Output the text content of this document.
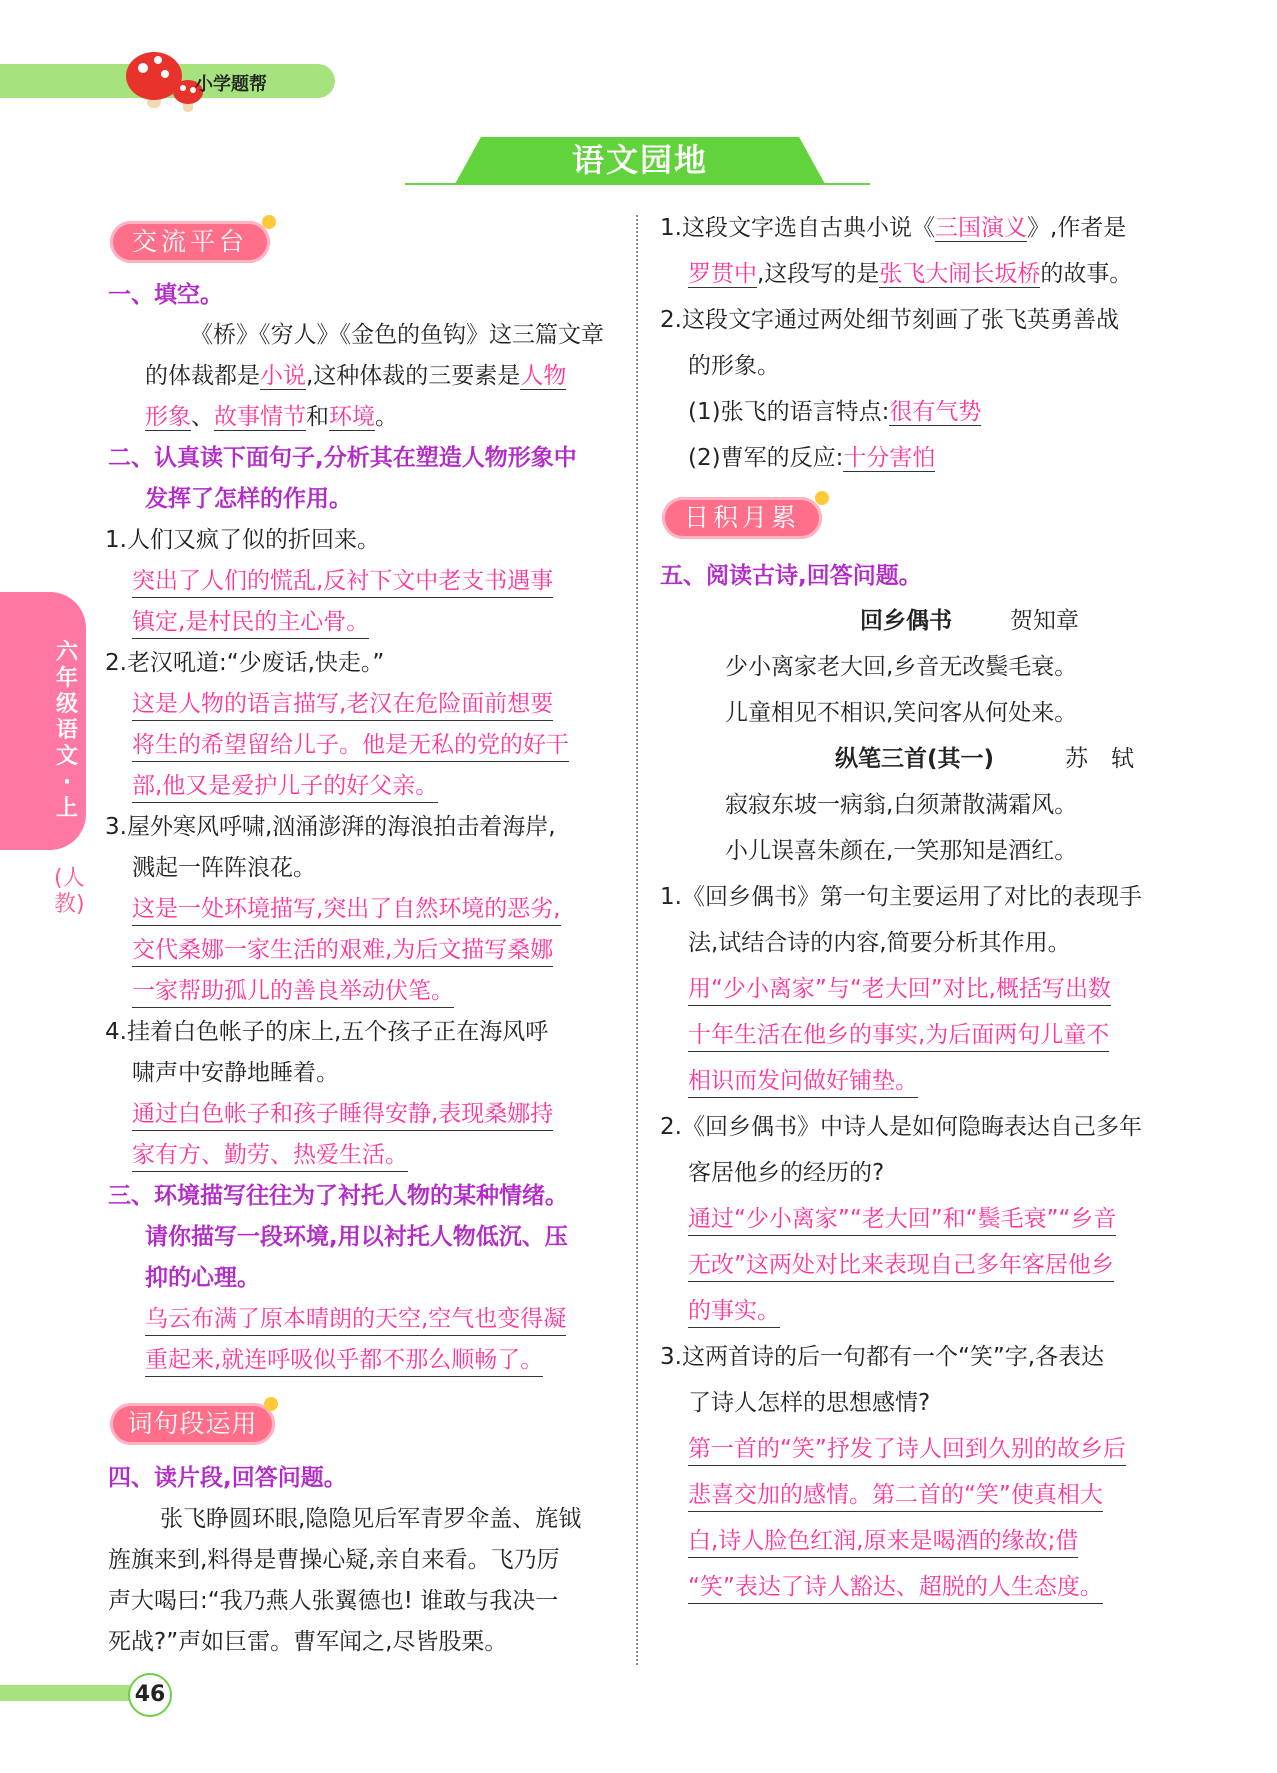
小学题帮
语文园地
六年级语文·上
(人教)
交流平台
一、填空。
《桥》《穷人》《金色的鱼钩》这三篇文章
的体裁都是小说,这种体裁的三要素是人物
形象、故事情节和环境。
二、认真读下面句子,分析其在塑造人物形象中
发挥了怎样的作用。
1.人们又疯了似的折回来。
突出了人们的慌乱,反衬下文中老支书遇事
镇定,是村民的主心骨。
2.老汉吼道:“少废话,快走。”
这是人物的语言描写,老汉在危险面前想要
将生的希望留给儿子。他是无私的党的好干
部,他又是爱护儿子的好父亲。
3.屋外寒风呼啸,汹涌澎湃的海浪拍击着海岸,
溅起一阵阵浪花。
这是一处环境描写,突出了自然环境的恶劣,
交代桑娜一家生活的艰难,为后文描写桑娜
一家帮助孤儿的善良举动伏笔。
4.挂着白色帐子的床上,五个孩子正在海风呼
啸声中安静地睡着。
通过白色帐子和孩子睡得安静,表现桑娜持
家有方、勤劳、热爱生活。
三、环境描写往往为了衬托人物的某种情绪。
请你描写一段环境,用以衬托人物低沉、压
抑的心理。
乌云布满了原本晴朗的天空,空气也变得凝
重起来,就连呼吸似乎都不那么顺畅了。
词句段运用
四、读片段,回答问题。
张飞睁圆环眼,隐隐见后军青罗伞盖、旄钺
旌旗来到,料得是曹操心疑,亲自来看。飞乃厉
声大喝曰:“我乃燕人张翼德也! 谁敢与我决一
死战?”声如巨雷。曹军闻之,尽皆股栗。
1.这段文字选自古典小说《三国演义》,作者是
罗贯中,这段写的是张飞大闹长坂桥的故事。
2.这段文字通过两处细节刻画了张飞英勇善战
的形象。
(1)张飞的语言特点:很有气势
(2)曹军的反应:十分害怕
日积月累
五、阅读古诗,回答问题。
回乡偶书	贺知章
少小离家老大回,乡音无改鬓毛衰。
儿童相见不相识,笑问客从何处来。
纵笔三首(其一)	苏　轼
寂寂东坡一病翁,白须萧散满霜风。
小儿误喜朱颜在,一笑那知是酒红。
1.《回乡偶书》第一句主要运用了对比的表现手
法,试结合诗的内容,简要分析其作用。
用“少小离家”与“老大回”对比,概括写出数
十年生活在他乡的事实,为后面两句儿童不
相识而发问做好铺垫。
2.《回乡偶书》中诗人是如何隐晦表达自己多年
客居他乡的经历的?
通过“少小离家”“老大回”和“鬓毛衰”“乡音
无改”这两处对比来表现自己多年客居他乡
的事实。
3.这两首诗的后一句都有一个“笑”字,各表达
了诗人怎样的思想感情?
第一首的“笑”抒发了诗人回到久别的故乡后
悲喜交加的感情。第二首的“笑”使真相大
白,诗人脸色红润,原来是喝酒的缘故;借
“笑”表达了诗人豁达、超脱的人生态度。
46
